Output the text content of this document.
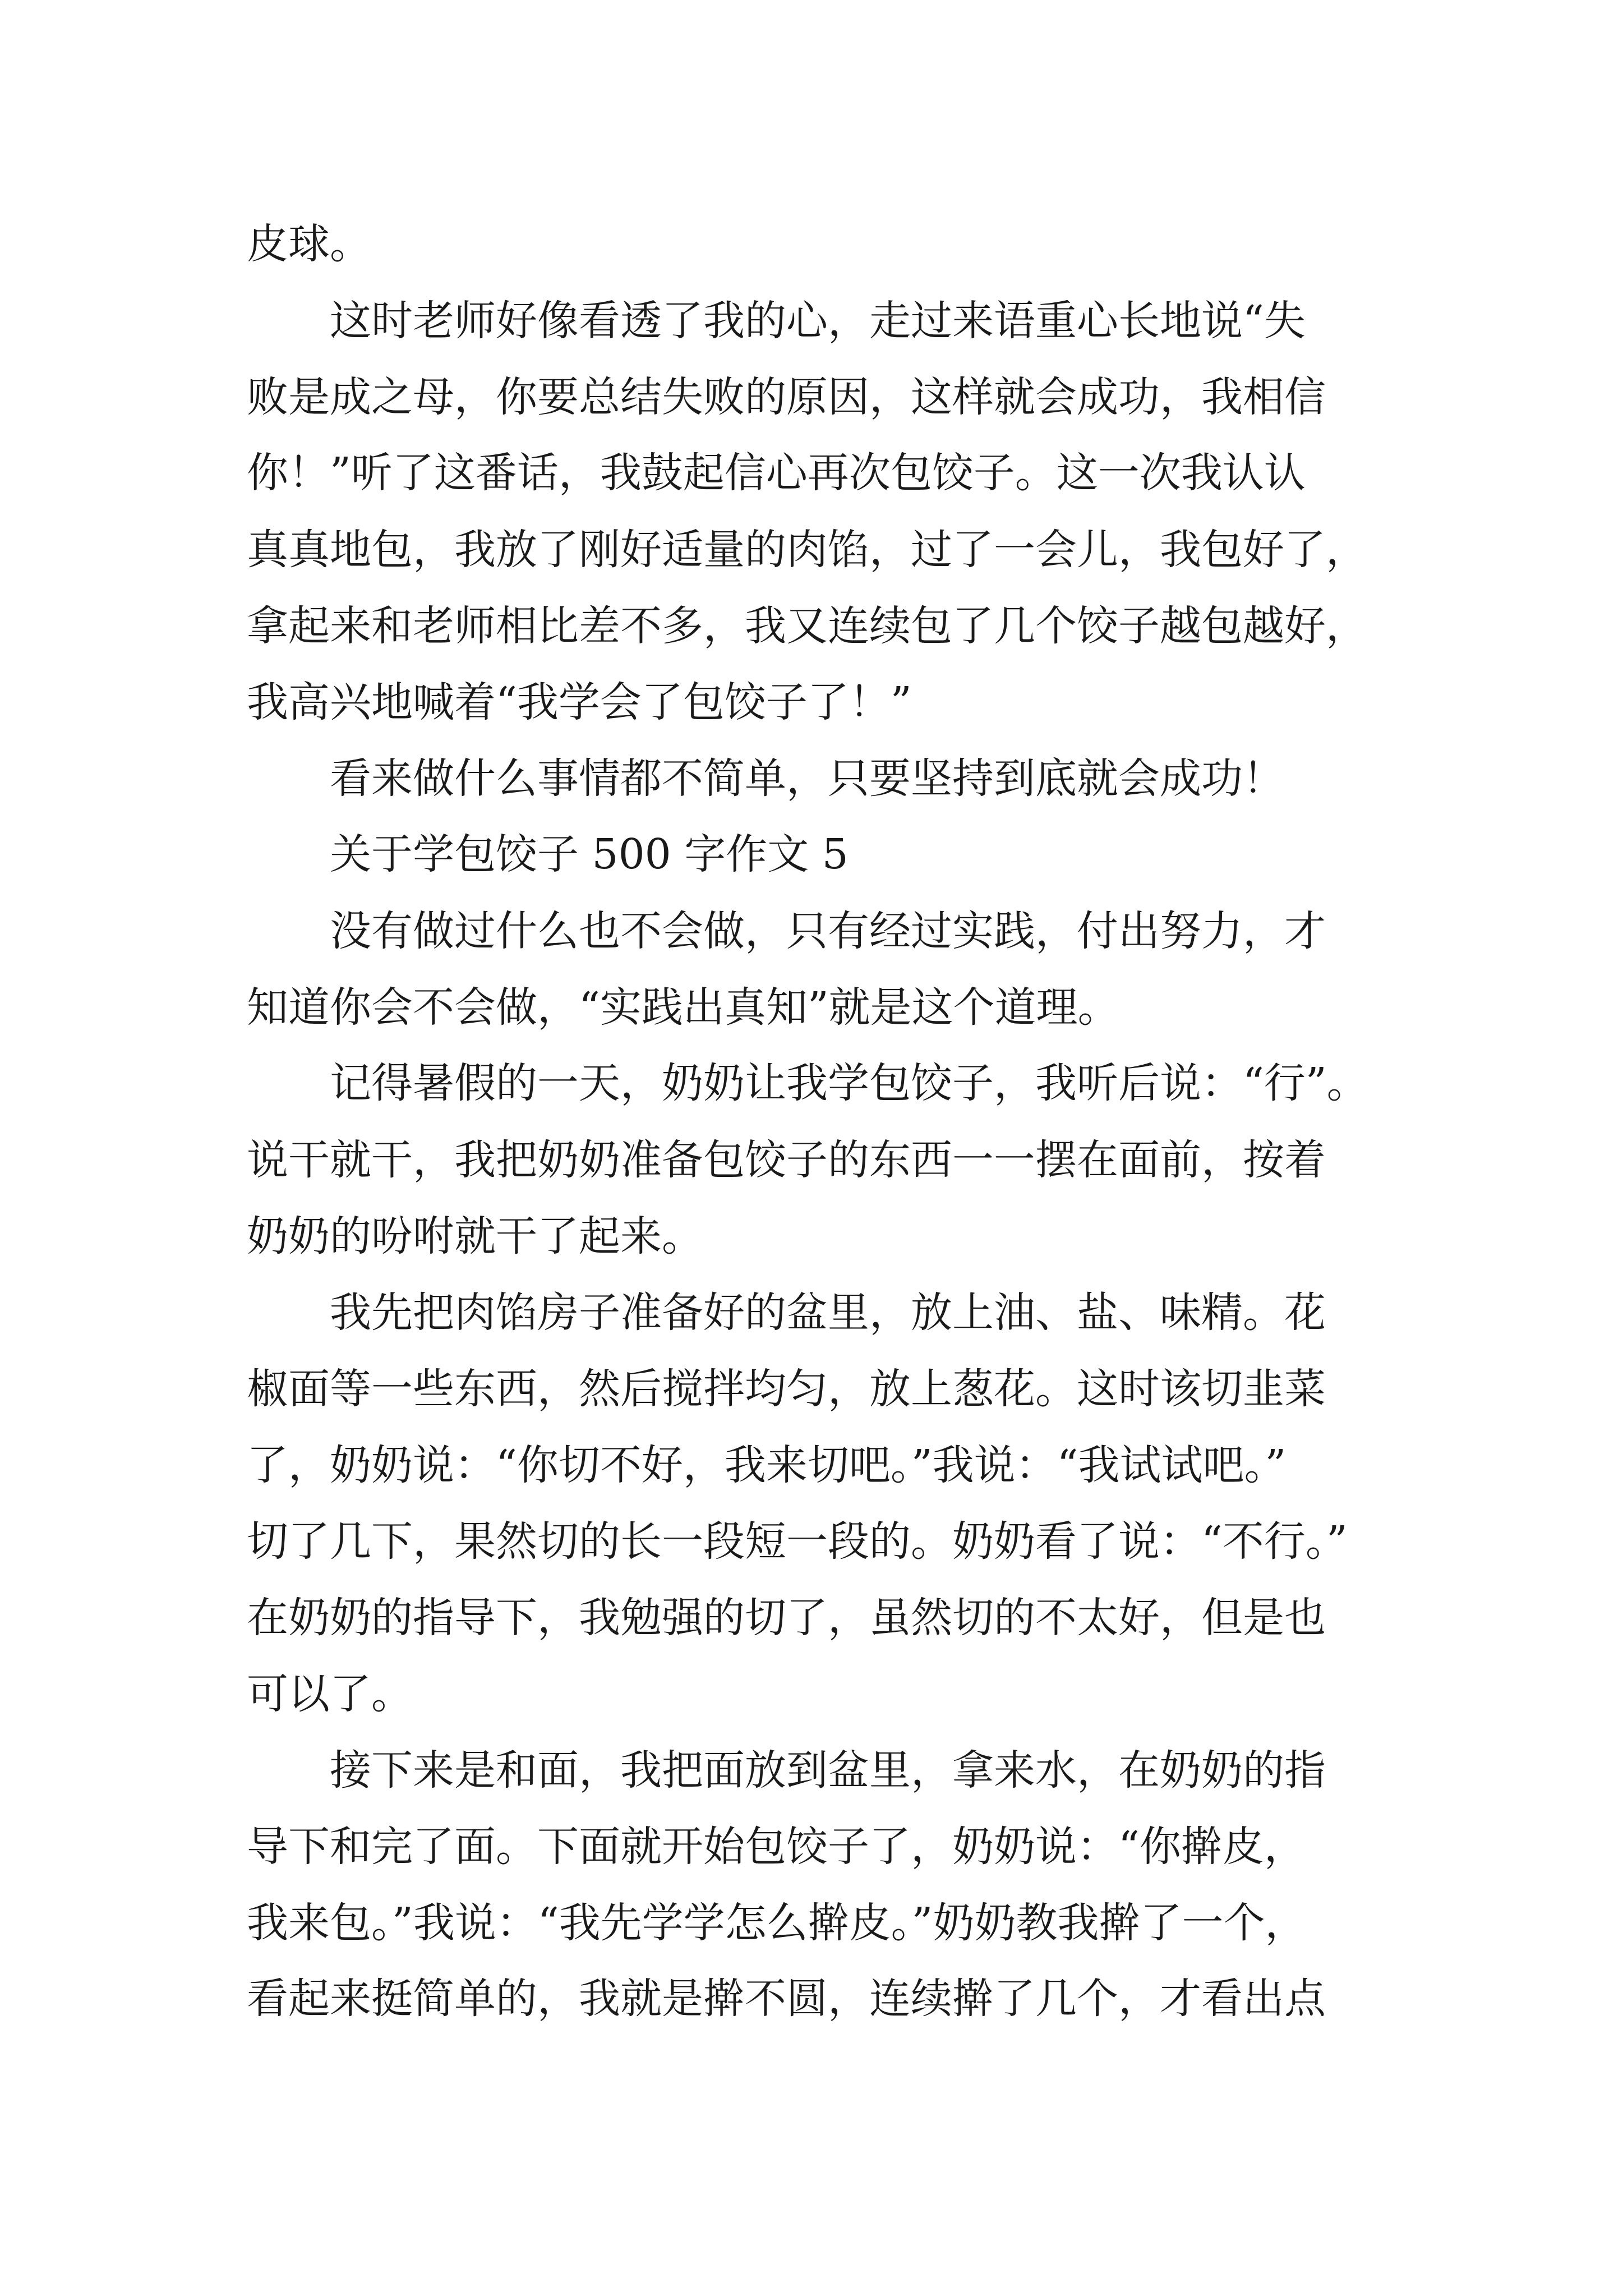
皮球。

这时老师好像看透了我的心，走过来语重心长地说“失

败是成之母，你要总结失败的原因，这样就会成功，我相信

你！”听了这番话，我鼓起信心再次包饺子。这一次我认认

真真地包，我放了刚好适量的肉馅，过了一会儿，我包好了，

拿起来和老师相比差不多，我又连续包了几个饺子越包越好，

我高兴地喊着“我学会了包饺子了！”

看来做什么事情都不简单，只要坚持到底就会成功！

关于学包饺子 500 字作文 5

没有做过什么也不会做，只有经过实践，付出努力，才

知道你会不会做，“实践出真知”就是这个道理。

记得暑假的一天，奶奶让我学包饺子，我听后说：“行”。

说干就干，我把奶奶准备包饺子的东西一一摆在面前，按着

奶奶的吩咐就干了起来。

我先把肉馅房子准备好的盆里，放上油、盐、味精。花

椒面等一些东西，然后搅拌均匀，放上葱花。这时该切韭菜

了，奶奶说：“你切不好，我来切吧。”我说：“我试试吧。”

切了几下，果然切的长一段短一段的。奶奶看了说：“不行。”

在奶奶的指导下，我勉强的切了，虽然切的不太好，但是也

可以了。

接下来是和面，我把面放到盆里，拿来水，在奶奶的指

导下和完了面。下面就开始包饺子了，奶奶说：“你擀皮，

我来包。”我说：“我先学学怎么擀皮。”奶奶教我擀了一个，

看起来挺简单的，我就是擀不圆，连续擀了几个，才看出点
